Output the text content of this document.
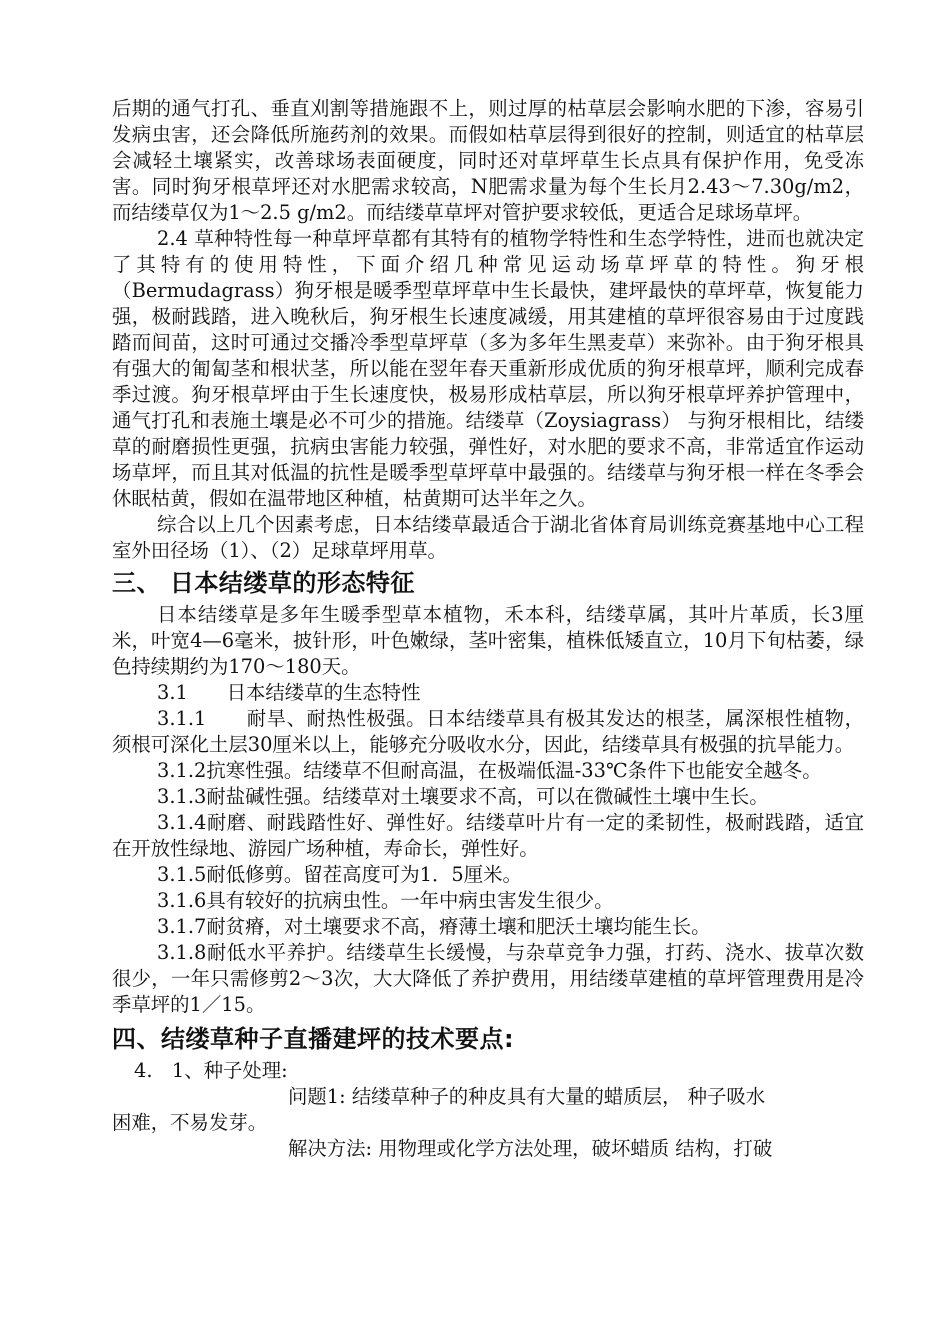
后期的通气打孔、垂直刈割等措施跟不上，则过厚的枯草层会影响水肥的下渗，容易引发病虫害，还会降低所施药剂的效果。而假如枯草层得到很好的控制，则适宜的枯草层会减轻土壤紧实，改善球场表面硬度，同时还对草坪草生长点具有保护作用，免受冻害。同时狗牙根草坪还对水肥需求较高，N肥需求量为每个生长月2.43～7.30g/m2，而结缕草仅为1～2.5 g/m2。而结缕草草坪对管护要求较低，更适合足球场草坪。

2.4 草种特性每一种草坪草都有其特有的植物学特性和生态学特性，进而也就决定了其特有的使用特性，下面介绍几种常见运动场草坪草的特性。狗牙根（Bermudagrass）狗牙根是暖季型草坪草中生长最快，建坪最快的草坪草，恢复能力强，极耐践踏，进入晚秋后，狗牙根生长速度减缓，用其建植的草坪很容易由于过度践踏而间苗，这时可通过交播冷季型草坪草（多为多年生黑麦草）来弥补。由于狗牙根具有强大的匍匐茎和根状茎，所以能在翌年春天重新形成优质的狗牙根草坪，顺利完成春季过渡。狗牙根草坪由于生长速度快，极易形成枯草层，所以狗牙根草坪养护管理中，通气打孔和表施土壤是必不可少的措施。结缕草（Zoysiagrass） 与狗牙根相比，结缕草的耐磨损性更强，抗病虫害能力较强，弹性好，对水肥的要求不高，非常适宜作运动场草坪，而且其对低温的抗性是暖季型草坪草中最强的。结缕草与狗牙根一样在冬季会休眠枯黄，假如在温带地区种植，枯黄期可达半年之久。

综合以上几个因素考虑，日本结缕草最适合于湖北省体育局训练竞赛基地中心工程室外田径场（1）、（2）足球草坪用草。

三、 日本结缕草的形态特征

日本结缕草是多年生暖季型草本植物，禾本科，结缕草属，其叶片革质，长3厘米，叶宽4—6毫米，披针形，叶色嫩绿，茎叶密集，植株低矮直立，10月下旬枯萎，绿色持续期约为170～180天。

3.1　　日本结缕草的生态特性

3.1.1　　耐旱、耐热性极强。日本结缕草具有极其发达的根茎，属深根性植物，须根可深化土层30厘米以上，能够充分吸收水分，因此，结缕草具有极强的抗旱能力。

3.1.2抗寒性强。结缕草不但耐高温，在极端低温-33℃条件下也能安全越冬。

3.1.3耐盐碱性强。结缕草对土壤要求不高，可以在微碱性土壤中生长。

3.1.4耐磨、耐践踏性好、弹性好。结缕草叶片有一定的柔韧性，极耐践踏，适宜在开放性绿地、游园广场种植，寿命长，弹性好。

3.1.5耐低修剪。留茬高度可为1．5厘米。

3.1.6具有较好的抗病虫性。一年中病虫害发生很少。

3.1.7耐贫瘠，对土壤要求不高，瘠薄土壤和肥沃土壤均能生长。

3.1.8耐低水平养护。结缕草生长缓慢，与杂草竞争力强，打药、浇水、拔草次数很少，一年只需修剪2～3次，大大降低了养护费用，用结缕草建植的草坪管理费用是冷季草坪的1／15。

四、结缕草种子直播建坪的技术要点:

4.　1、种子处理:

问题1: 结缕草种子的种皮具有大量的蜡质层， 种子吸水

困难，不易发芽。

解决方法: 用物理或化学方法处理，破坏蜡质 结构，打破
